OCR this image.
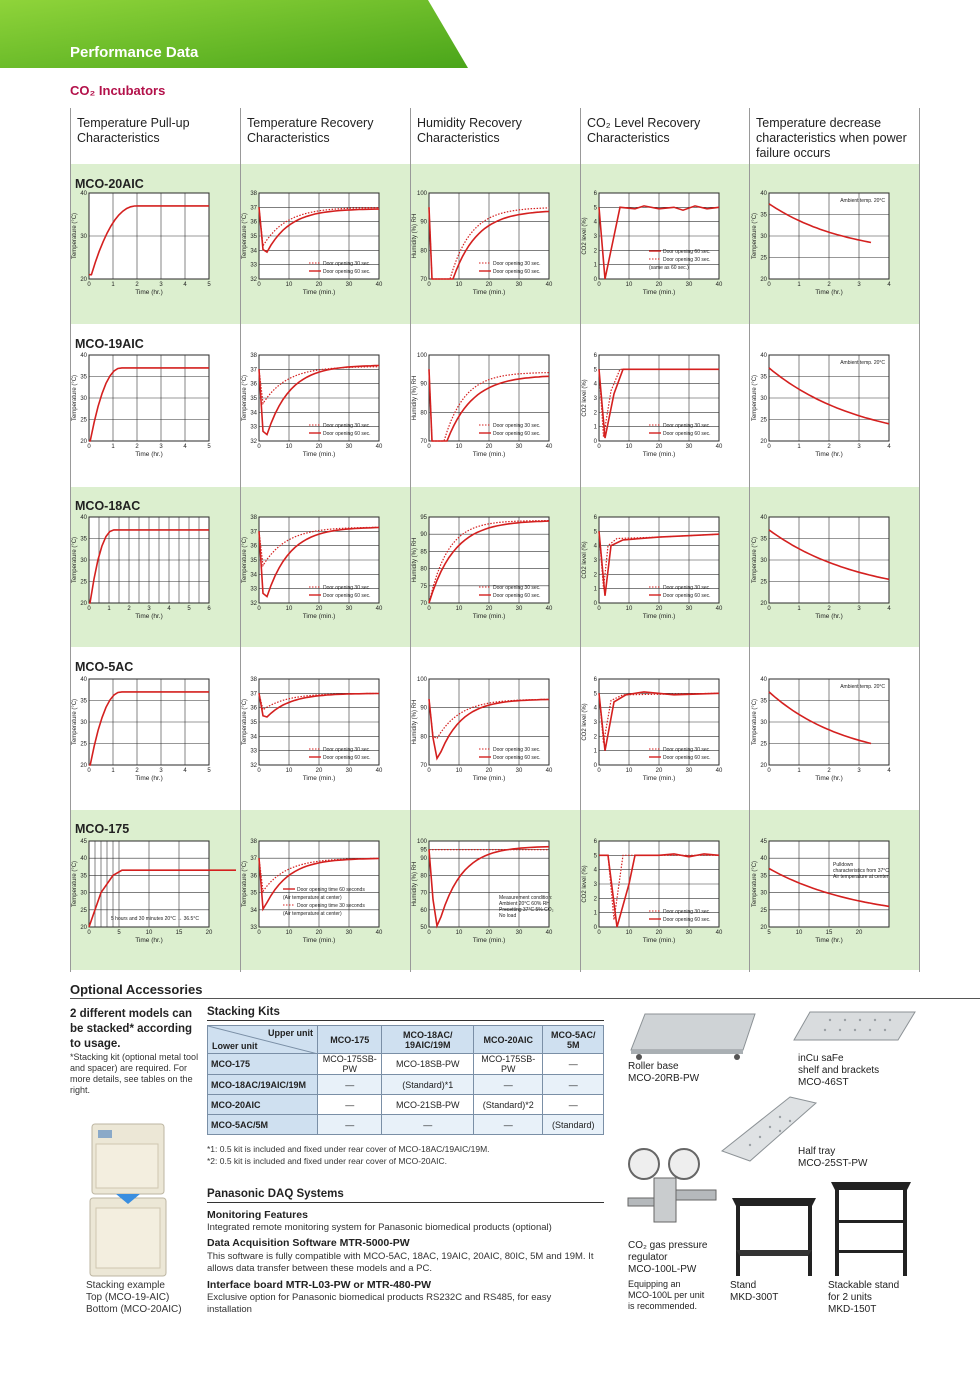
Performance Data
CO₂ Incubators
Temperature Pull-up Characteristics
Temperature Recovery Characteristics
Humidity Recovery Characteristics
CO₂ Level Recovery Characteristics
Temperature decrease characteristics when power failure occurs
MCO-20AIC
MCO-19AIC
MCO-18AC
MCO-5AC
MCO-175
0	1	2	3	4	5
20
30
40
Time (hr.)
Temperature (°C)
0	10	20	30	40
32
33
34
35
36
37
38
Time (min.)
Temperature (°C)
Door opening 30 sec.
Door opening 60 sec.
0	10	20	30	40
70
80
90
100
Time (min.)
Humidity (%) RH
Door opening 30 sec.
Door opening 60 sec.
0	10	20	30	40
0
1
2
3
4
5
6
Time (min.)
CO2 level (%)	Door opening 60 sec.
Door opening 30 sec.
(same as 60 sec.)
0	1	2	3	4
20
25
30
35
40
Time (hr.)
Temperature (°C)
Ambient temp. 20°C
0	1	2	3	4	5
20
25
30
35
40
Time (hr.)
Temperature (°C)
0	10	20	30	40
32
33
34
35
36
37
38
Time (min.)
Temperature (°C)
Door opening 30 sec.
Door opening 60 sec.
0	10	20	30	40
70
80
90
100
Time (min.)
Humidity (%) RH
Door opening 30 sec.
Door opening 60 sec.
0	10	20	30	40
0
1
2
3
4
5
6
Time (min.)
CO2 level (%)
Door opening 30 sec.
Door opening 60 sec.
0	1	2	3	4
20
25
30
35
40
Time (hr.)
Temperature (°C)
Ambient temp. 20°C
0	1	2	3	4	5	6
20
25
30
35
40
Time (hr.)
Temperature (°C)
0	10	20	30	40
32
33
34
35
36
37
38
Time (min.)
Temperature (°C)
Door opening 30 sec.
Door opening 60 sec.
0	10	20	30	40
70
75
80
85
90
95
Time (min.)
Humidity (%) RH
Door opening 30 sec.
Door opening 60 sec.
0	10	20	30	40
0
1
2
3
4
5
6
Time (min.)
CO2 level (%)
Door opening 30 sec.
Door opening 60 sec.
0	1	2	3	4
20
25
30
35
40
Time (hr.)
Temperature (°C)
0	1	2	3	4	5
20
25
30
35
40
Time (hr.)
Temperature (°C)
0	10	20	30	40
32
33
34
35
36
37
38
Time (min.)
Temperature (°C)
Door opening 30 sec.
Door opening 60 sec.
0	10	20	30	40
70
80
90
100
Time (min.)
Humidity (%) RH
Door opening 30 sec.
Door opening 60 sec.
0	10	20	30	40
0
1
2
3
4
5
6
Time (min.)
CO2 level (%)
Door opening 30 sec.
Door opening 60 sec.
0	1	2	3	4
20
25
30
35
40
Time (hr.)
Temperature (°C)
Ambient temp. 20°C
0	5	10	15	20
20
25
30
35
40
45
Time (hr.)
Temperature (°C)
5 hours and 30 minutes 20°C → 36.5°C
0	10	20	30	40
33
34
35
36
37
38
Time (min.)
Temperature (°C)	Door opening time 60 seconds
(Air temperature at center)
Door opening time 30 seconds
(Air temperature at center)
0	10	20	30	40
50
60
70
80
90
95
100
Time (min.)
Humidity (%) RH	Measurement condition:
Ambient 20°C 60% RH
Presetting 37°C 5% CO₂
No load
0	10	20	30	40
0
1
2
3
4
5
6
Time (min.)
CO2 level (%)
Door opening 30 sec.
Door opening 60 sec.
5	10	15	20
20
25
30
35
40
45
Time (hr.)
Temperature (°C)	Pulldown
characteristics from 37°C
Air temperature at center
Optional Accessories
2 different models can be stacked* according to usage.
*Stacking kit (optional metal tool and spacer) are required. For more details, see tables on the right.
Stacking example
Top (MCO-19-AIC)
Bottom (MCO-20AIC)
Stacking Kits
Upper unit
Lower unit	MCO-175	MCO-18AC/ 19AIC/19M	MCO-20AIC	MCO-5AC/ 5M
MCO-175	MCO-175SB-PW	MCO-18SB-PW	MCO-175SB-PW	—
MCO-18AC/19AIC/19M	—	(Standard)*1	—	—
MCO-20AIC	—	MCO-21SB-PW	(Standard)*2	—
MCO-5AC/5M	—	—	—	(Standard)
*1: 0.5 kit is included and fixed under rear cover of MCO-18AC/19AIC/19M.
*2: 0.5 kit is included and fixed under rear cover of MCO-20AIC.
Panasonic DAQ Systems
Monitoring Features
Integrated remote monitoring system for Panasonic biomedical products (optional)
Data Acquisition Software MTR-5000-PW
This software is fully compatible with MCO-5AC, 18AC, 19AIC, 20AIC, 80IC, 5M and 19M. It allows data transfer between these models and a PC.
Interface board MTR-L03-PW or MTR-480-PW
Exclusive option for Panasonic biomedical products RS232C and RS485, for easy installation
Roller base
MCO-20RB-PW
inCu saFe
shelf and brackets
MCO-46ST
Half tray
MCO-25ST-PW
CO₂ gas pressure
regulator
MCO-100L-PW
Equipping an
MCO-100L per unit
is recommended.
Stand
MKD-300T
Stackable stand
for 2 units
MKD-150T
